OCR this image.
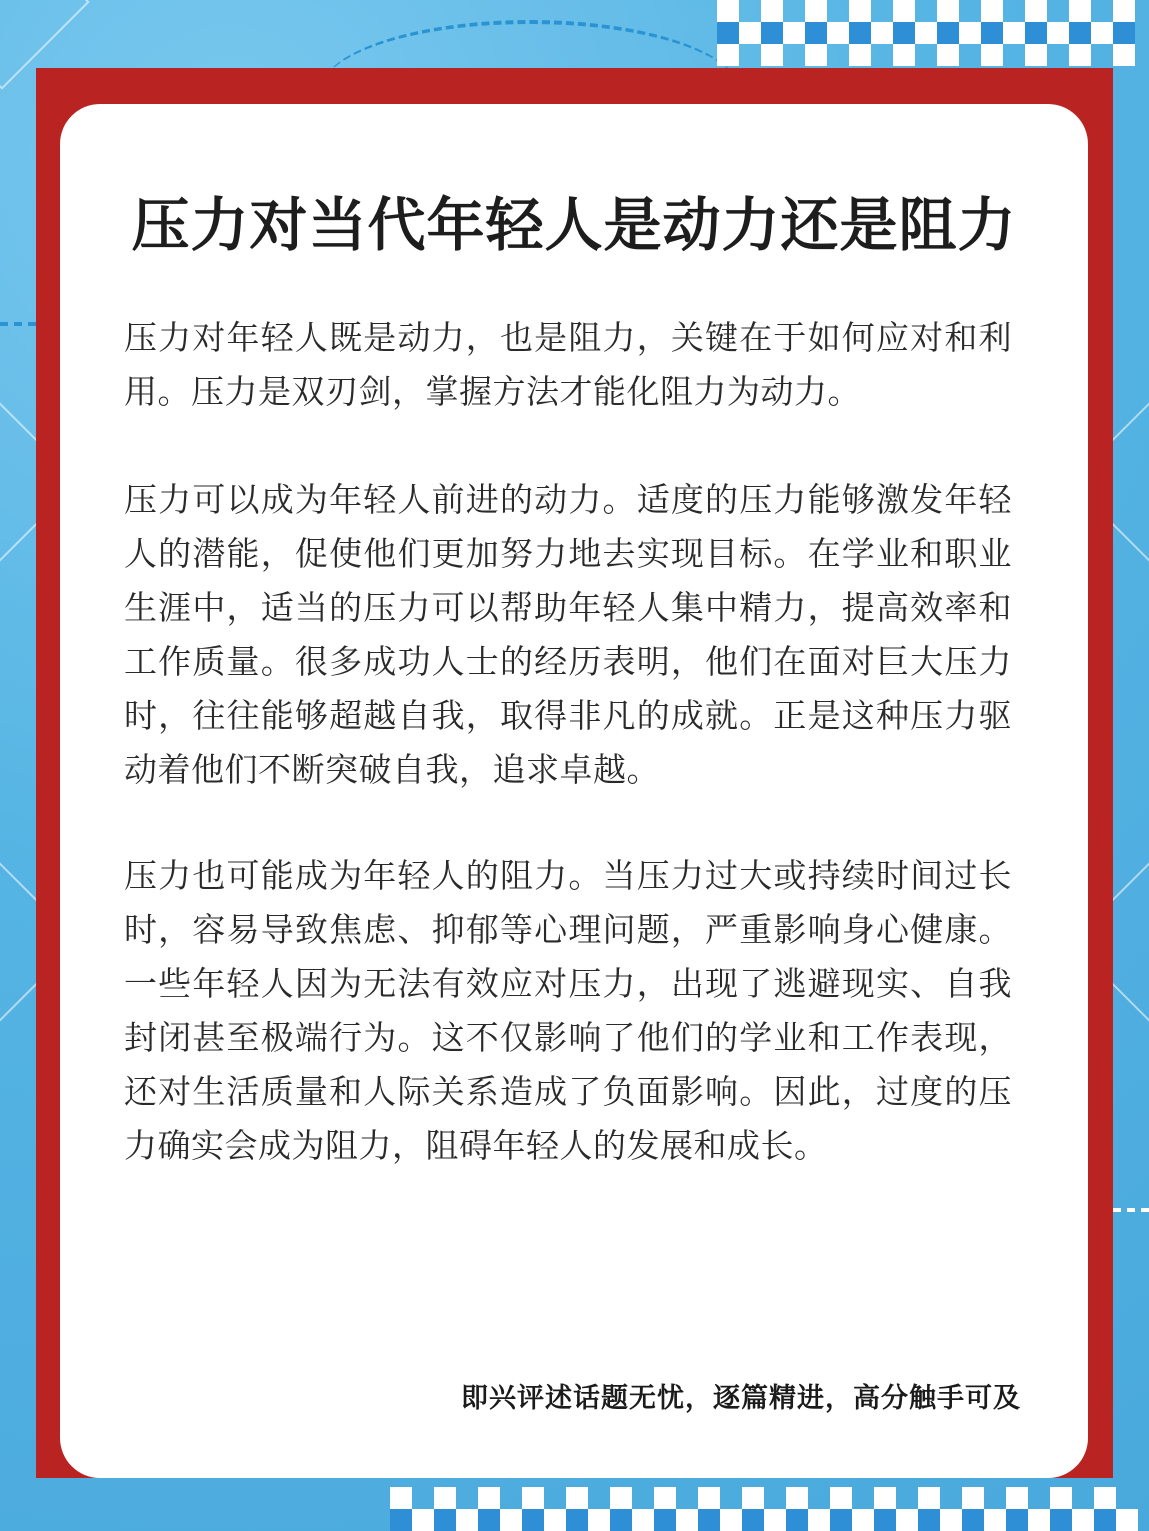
压力对当代年轻人是动力还是阻力

压力对年轻人既是动力，也是阻力，关键在于如何应对和利用。压力是双刃剑，掌握方法才能化阻力为动力。

压力可以成为年轻人前进的动力。适度的压力能够激发年轻人的潜能，促使他们更加努力地去实现目标。在学业和职业生涯中，适当的压力可以帮助年轻人集中精力，提高效率和工作质量。很多成功人士的经历表明，他们在面对巨大压力时，往往能够超越自我，取得非凡的成就。正是这种压力驱动着他们不断突破自我，追求卓越。

压力也可能成为年轻人的阻力。当压力过大或持续时间过长时，容易导致焦虑、抑郁等心理问题，严重影响身心健康。一些年轻人因为无法有效应对压力，出现了逃避现实、自我封闭甚至极端行为。这不仅影响了他们的学业和工作表现，还对生活质量和人际关系造成了负面影响。因此，过度的压力确实会成为阻力，阻碍年轻人的发展和成长。

即兴评述话题无忧，逐篇精进，高分触手可及
